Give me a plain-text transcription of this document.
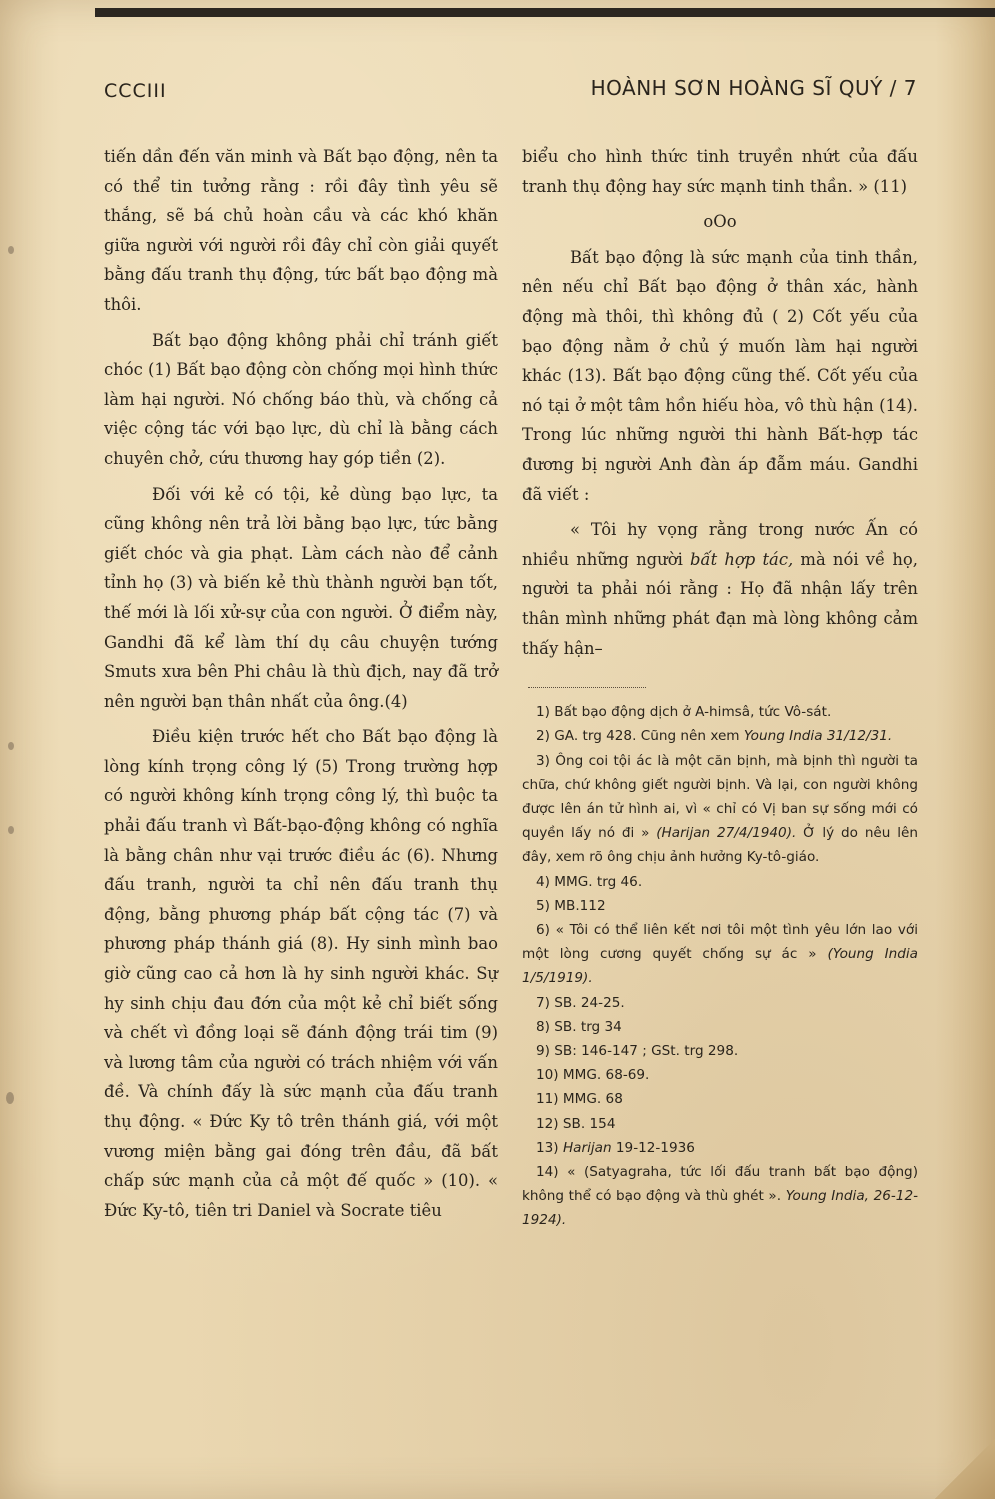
CCCIII	HOÀNH SƠN HOÀNG SĨ QUÝ / 7

tiến dần đến văn minh và Bất bạo động, nên ta có thể tin tưởng rằng : rồi đây tình yêu sẽ thắng, sẽ bá chủ hoàn cầu và các khó khăn giữa người với người rồi đây chỉ còn giải quyết bằng đấu tranh thụ động, tức bất bạo động mà thôi.

Bất bạo động không phải chỉ tránh giết chóc (1) Bất bạo động còn chống mọi hình thức làm hại người. Nó chống báo thù, và chống cả việc cộng tác với bạo lực, dù chỉ là bằng cách chuyên chở, cứu thương hay góp tiền (2).

Đối với kẻ có tội, kẻ dùng bạo lực, ta cũng không nên trả lời bằng bạo lực, tức bằng giết chóc và gia phạt. Làm cách nào để cảnh tỉnh họ (3) và biến kẻ thù thành người bạn tốt, thế mới là lối xử-sự của con người. Ở điểm này, Gandhi đã kể làm thí dụ câu chuyện tướng Smuts xưa bên Phi châu là thù địch, nay đã trở nên người bạn thân nhất của ông.(4)

Điều kiện trước hết cho Bất bạo động là lòng kính trọng công lý (5) Trong trường hợp có người không kính trọng công lý, thì buộc ta phải đấu tranh vì Bất-bạo-động không có nghĩa là bằng chân như vại trước điều ác (6). Nhưng đấu tranh, người ta chỉ nên đấu tranh thụ động, bằng phương pháp bất cộng tác (7) và phương pháp thánh giá (8). Hy sinh mình bao giờ cũng cao cả hơn là hy sinh người khác. Sự hy sinh chịu đau đớn của một kẻ chỉ biết sống và chết vì đồng loại sẽ đánh động trái tim (9) và lương tâm của người có trách nhiệm với vấn đề. Và chính đấy là sức mạnh của đấu tranh thụ động. « Đức Ky tô trên thánh giá, với một vương miện bằng gai đóng trên đầu, đã bất chấp sức mạnh của cả một đế quốc » (10). « Đức Ky-tô, tiên tri Daniel và Socrate tiêu

biểu cho hình thức tinh truyền nhứt của đấu tranh thụ động hay sức mạnh tinh thần. » (11)

oOo

Bất bạo động là sức mạnh của tinh thần, nên nếu chỉ Bất bạo động ở thân xác, hành động mà thôi, thì không đủ ( 2) Cốt yếu của bạo động nằm ở chủ ý muốn làm hại người khác (13). Bất bạo động cũng thế. Cốt yếu của nó tại ở một tâm hồn hiếu hòa, vô thù hận (14). Trong lúc những người thi hành Bất-hợp tác đương bị người Anh đàn áp đẫm máu. Gandhi đã viết :

« Tôi hy vọng rằng trong nước Ấn có nhiều những người bất hợp tác, mà nói về họ, người ta phải nói rằng : Họ đã nhận lấy trên thân mình những phát đạn mà lòng không cảm thấy hận–

1) Bất bạo động dịch ở A-himsâ, tức Vô-sát.

2) GA. trg 428. Cũng nên xem Young India 31/12/31.

3) Ông coi tội ác là một căn bịnh, mà bịnh thì người ta chữa, chứ không giết người bịnh. Và lại, con người không được lên án tử hình ai, vì « chỉ có Vị ban sự sống mới có quyền lấy nó đi » (Harijan 27/4/1940). Ở lý do nêu lên đây, xem rõ ông chịu ảnh hưởng Ky-tô-giáo.

4) MMG. trg 46.

5) MB.112

6) « Tôi có thể liên kết nơi tôi một tình yêu lớn lao với một lòng cương quyết chống sự ác » (Young India 1/5/1919).

7) SB. 24-25.

8) SB. trg 34

9) SB: 146-147 ; GSt. trg 298.

10) MMG. 68-69.

11) MMG. 68

12) SB. 154

13) Harijan 19-12-1936

14) « (Satyagraha, tức lối đấu tranh bất bạo động) không thể có bạo động và thù ghét ». Young India, 26-12-1924).
